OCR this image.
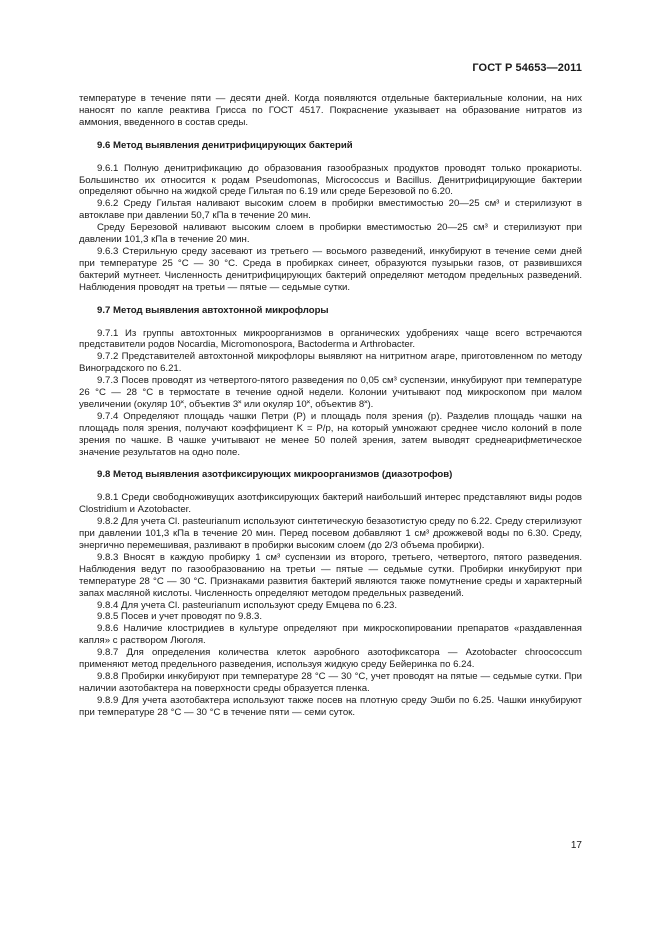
ГОСТ Р 54653—2011

температуре в течение пяти — десяти дней. Когда появляются отдельные бактериальные колонии, на них наносят по капле реактива Грисса по ГОСТ 4517. Покраснение указывает на образование нитратов из аммония, введенного в состав среды.

9.6 Метод выявления денитрифицирующих бактерий

9.6.1 Полную денитрификацию до образования газообразных продуктов проводят только прокариоты. Большинство их относится к родам Pseudomonas, Micrococcus и Bacillus. Денитрифицирующие бактерии определяют обычно на жидкой среде Гильтая по 6.19 или среде Березовой по 6.20.

9.6.2 Среду Гильтая наливают высоким слоем в пробирки вместимостью 20—25 см³ и стерилизуют в автоклаве при давлении 50,7 кПа в течение 20 мин.

Среду Березовой наливают высоким слоем в пробирки вместимостью 20—25 см³ и стерилизуют при давлении 101,3 кПа в течение 20 мин.

9.6.3 Стерильную среду засевают из третьего — восьмого разведений, инкубируют в течение семи дней при температуре 25 °С — 30 °С. Среда в пробирках синеет, образуются пузырьки газов, от развившихся бактерий мутнеет. Численность денитрифицирующих бактерий определяют методом предельных разведений. Наблюдения проводят на третьи — пятые — седьмые сутки.

9.7 Метод выявления автохтонной микрофлоры

9.7.1 Из группы автохтонных микроорганизмов в органических удобрениях чаще всего встречаются представители родов Nocardia, Micromonospora, Bactoderma и Arthrobacter.

9.7.2 Представителей автохтонной микрофлоры выявляют на нитритном агаре, приготовленном по методу Виноградского по 6.21.

9.7.3 Посев проводят из четвертого-пятого разведения по 0,05 см³ суспензии, инкубируют при температуре 26 °С — 28 °С в термостате в течение одной недели. Колонии учитывают под микроскопом при малом увеличении (окуляр 10˟, объектив 3˟ или окуляр 10˟, объектив 8˟).

9.7.4 Определяют площадь чашки Петри (P) и площадь поля зрения (p). Разделив площадь чашки на площадь поля зрения, получают коэффициент K = P/p, на который умножают среднее число колоний в поле зрения по чашке. В чашке учитывают не менее 50 полей зрения, затем выводят среднеарифметическое значение результатов на одно поле.

9.8 Метод выявления азотфиксирующих микроорганизмов (диазотрофов)

9.8.1 Среди свободноживущих азотфиксирующих бактерий наибольший интерес представляют виды родов Clostridium и Azotobacter.

9.8.2 Для учета Cl. pasteurianum используют синтетическую безазотистую среду по 6.22. Среду стерилизуют при давлении 101,3 кПа в течение 20 мин. Перед посевом добавляют 1 см³ дрожжевой воды по 6.30. Среду, энергично перемешивая, разливают в пробирки высоким слоем (до 2/3 объема пробирки).

9.8.3 Вносят в каждую пробирку 1 см³ суспензии из второго, третьего, четвертого, пятого разведения. Наблюдения ведут по газообразованию на третьи — пятые — седьмые сутки. Пробирки инкубируют при температуре 28 °С — 30 °С. Признаками развития бактерий являются также помутнение среды и характерный запах масляной кислоты. Численность определяют методом предельных разведений.

9.8.4 Для учета Cl. pasteurianum используют среду Емцева по 6.23.

9.8.5 Посев и учет проводят по 9.8.3.

9.8.6 Наличие клостридиев в культуре определяют при микроскопировании препаратов «раздавленная капля» с раствором Люголя.

9.8.7 Для определения количества клеток аэробного азотофиксатора — Azotobacter chroococcum применяют метод предельного разведения, используя жидкую среду Бейеринка по 6.24.

9.8.8 Пробирки инкубируют при температуре 28 °С — 30 °С, учет проводят на пятые — седьмые сутки. При наличии азотобактера на поверхности среды образуется пленка.

9.8.9 Для учета азотобактера используют также посев на плотную среду Эшби по 6.25. Чашки инкубируют при температуре 28 °С — 30 °С в течение пяти — семи суток.

17
